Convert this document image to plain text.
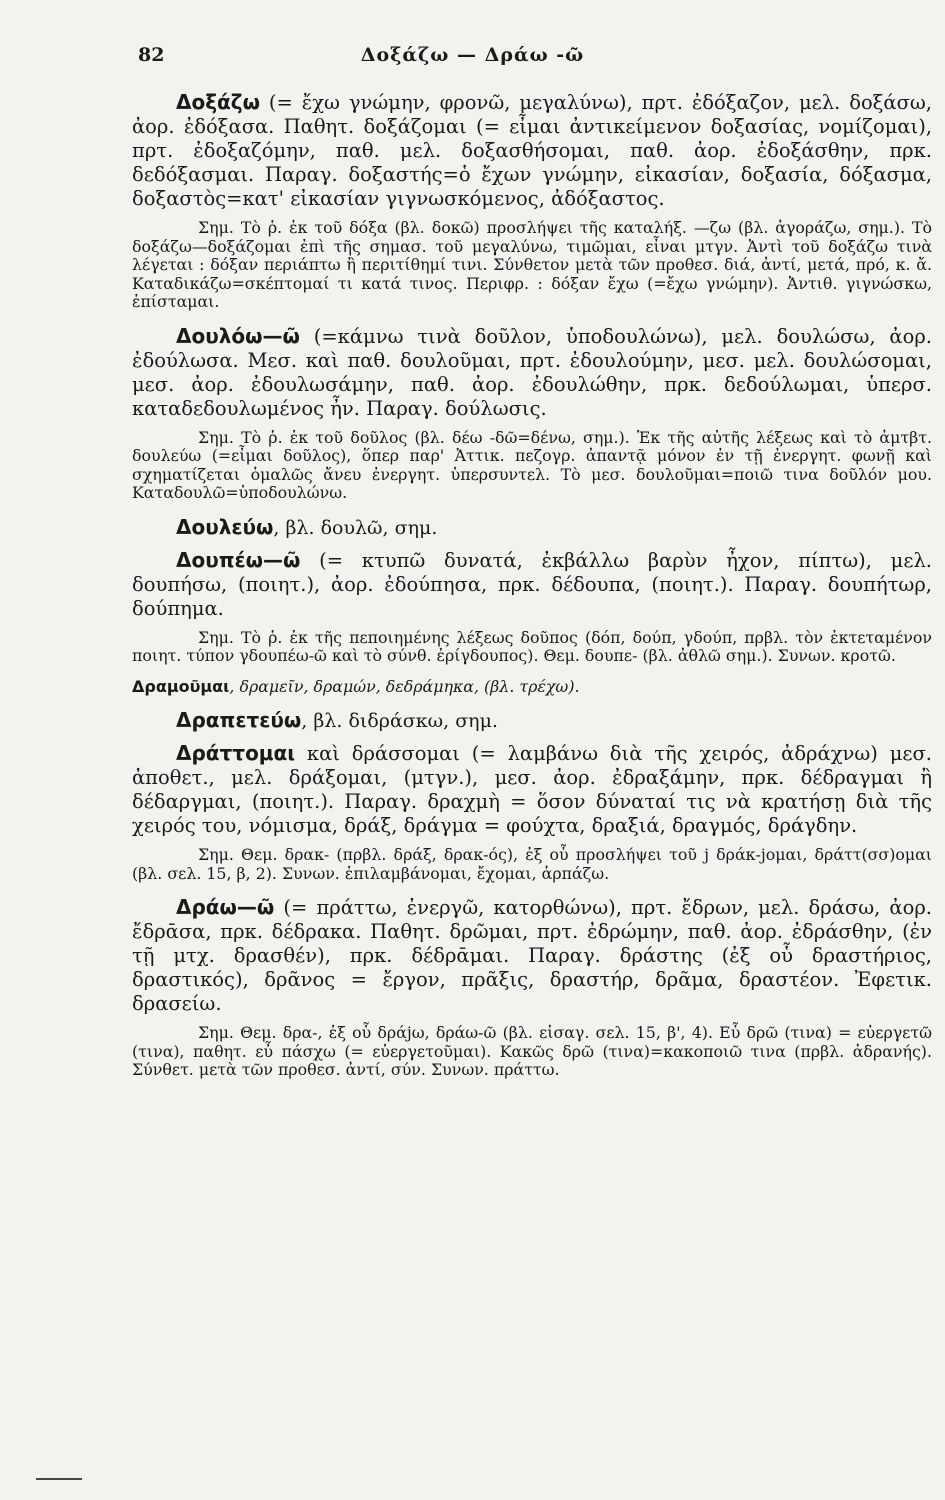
82	Δοξάζω — Δράω -ῶ

Δοξάζω (= ἔχω γνώμην, φρονῶ, μεγαλύνω), πρτ. ἐδόξαζον, μελ. δοξάσω, ἀορ. ἐδόξασα. Παθητ. δοξάζομαι (= εἶμαι ἀντικείμενον δοξασίας, νομίζομαι), πρτ. ἐδοξαζόμην, παθ. μελ. δοξασθήσομαι, παθ. ἀορ. ἐδοξάσθην, πρκ. δεδόξασμαι. Παραγ. δοξαστής=ὁ ἔχων γνώμην, εἰκασίαν, δοξασία, δόξασμα, δοξαστὸς=κατ' εἰκασίαν γιγνωσκόμενος, ἀδόξαστος.

Σημ. Τὸ ῥ. ἐκ τοῦ δόξα (βλ. δοκῶ) προσλήψει τῆς καταλήξ. —ζω (βλ. ἀγοράζω, σημ.). Τὸ δοξάζω—δοξάζομαι ἐπὶ τῆς σημασ. τοῦ μεγαλύνω, τιμῶμαι, εἶναι μτγν. Ἀντὶ τοῦ δοξάζω τινὰ λέγεται : δόξαν περιάπτω ἢ περιτίθημί τινι. Σύνθετον μετὰ τῶν προθεσ. διά, ἀντί, μετά, πρό, κ. ἄ. Καταδικάζω=σκέπτομαί τι κατά τινος. Περιφρ. : δόξαν ἔχω (=ἔχω γνώμην). Ἀντιθ. γιγνώσκω, ἐπίσταμαι.

Δουλόω—ῶ (=κάμνω τινὰ δοῦλον, ὑποδουλώνω), μελ. δουλώσω, ἀορ. ἐδούλωσα. Μεσ. καὶ παθ. δουλοῦμαι, πρτ. ἐδουλούμην, μεσ. μελ. δουλώσομαι, μεσ. ἀορ. ἐδουλωσάμην, παθ. ἀορ. ἐδουλώθην, πρκ. δεδούλωμαι, ὑπερσ. καταδεδουλωμένος ἦν. Παραγ. δούλωσις.

Σημ. Τὸ ῥ. ἐκ τοῦ δοῦλος (βλ. δέω -δῶ=δένω, σημ.). Ἐκ τῆς αὐτῆς λέξεως καὶ τὸ ἀμτβτ. δουλεύω (=εἶμαι δοῦλος), ὅπερ παρ' Ἀττικ. πεζογρ. ἀπαντᾷ μόνον ἐν τῇ ἐνεργητ. φωνῇ καὶ σχηματίζεται ὁμαλῶς ἄνευ ἐνεργητ. ὑπερσυντελ. Τὸ μεσ. δουλοῦμαι=ποιῶ τινα δοῦλόν μου. Καταδουλῶ=ὑποδουλώνω.

Δουλεύω, βλ. δουλῶ, σημ.

Δουπέω—ῶ (= κτυπῶ δυνατά, ἐκβάλλω βαρὺν ἦχον, πίπτω), μελ. δουπήσω, (ποιητ.), ἀορ. ἐδούπησα, πρκ. δέδουπα, (ποιητ.). Παραγ. δουπήτωρ, δούπημα.

Σημ. Τὸ ῥ. ἐκ τῆς πεποιημένης λέξεως δοῦπος (δόπ, δούπ, γδούπ, πρβλ. τὸν ἐκτεταμένον ποιητ. τύπον γδουπέω-ῶ καὶ τὸ σύνθ. ἐρίγδουπος). Θεμ. δουπε- (βλ. ἀθλῶ σημ.). Συνων. κροτῶ.

Δραμοῦμαι, δραμεῖν, δραμών, δεδράμηκα, (βλ. τρέχω).

Δραπετεύω, βλ. διδράσκω, σημ.

Δράττομαι καὶ δράσσομαι (= λαμβάνω διὰ τῆς χειρός, ἀδράχνω) μεσ. ἀποθετ., μελ. δράξομαι, (μτγν.), μεσ. ἀορ. ἐδραξάμην, πρκ. δέδραγμαι ἢ δέδαργμαι, (ποιητ.). Παραγ. δραχμὴ = ὅσον δύναταί τις νὰ κρατήσῃ διὰ τῆς χειρός του, νόμισμα, δράξ, δράγμα = φούχτα, δραξιά, δραγμός, δράγδην.

Σημ. Θεμ. δρακ- (πρβλ. δράξ, δρακ-ός), ἐξ οὗ προσλήψει τοῦ j δράκ-jομαι, δράττ(σσ)ομαι (βλ. σελ. 15, β, 2). Συνων. ἐπιλαμβάνομαι, ἔχομαι, ἁρπάζω.

Δράω—ῶ (= πράττω, ἐνεργῶ, κατορθώνω), πρτ. ἔδρων, μελ. δράσω, ἀορ. ἔδρᾱσα, πρκ. δέδρακα. Παθητ. δρῶμαι, πρτ. ἐδρώμην, παθ. ἀορ. ἐδράσθην, (ἐν τῇ μτχ. δρασθέν), πρκ. δέδρᾱμαι. Παραγ. δράστης (ἐξ οὗ δραστήριος, δραστικός), δρᾶνος = ἔργον, πρᾶξις, δραστήρ, δρᾶμα, δραστέον. Ἐφετικ. δρασείω.

Σημ. Θεμ. δρα-, ἐξ οὗ δράjω, δράω-ῶ (βλ. εἰσαγ. σελ. 15, β', 4). Εὖ δρῶ (τινα) = εὐεργετῶ (τινα), παθητ. εὖ πάσχω (= εὐεργετοῦμαι). Κακῶς δρῶ (τινα)=κακοποιῶ τινα (πρβλ. ἀδρανής). Σύνθετ. μετὰ τῶν προθεσ. ἀντί, σύν. Συνων. πράττω.
